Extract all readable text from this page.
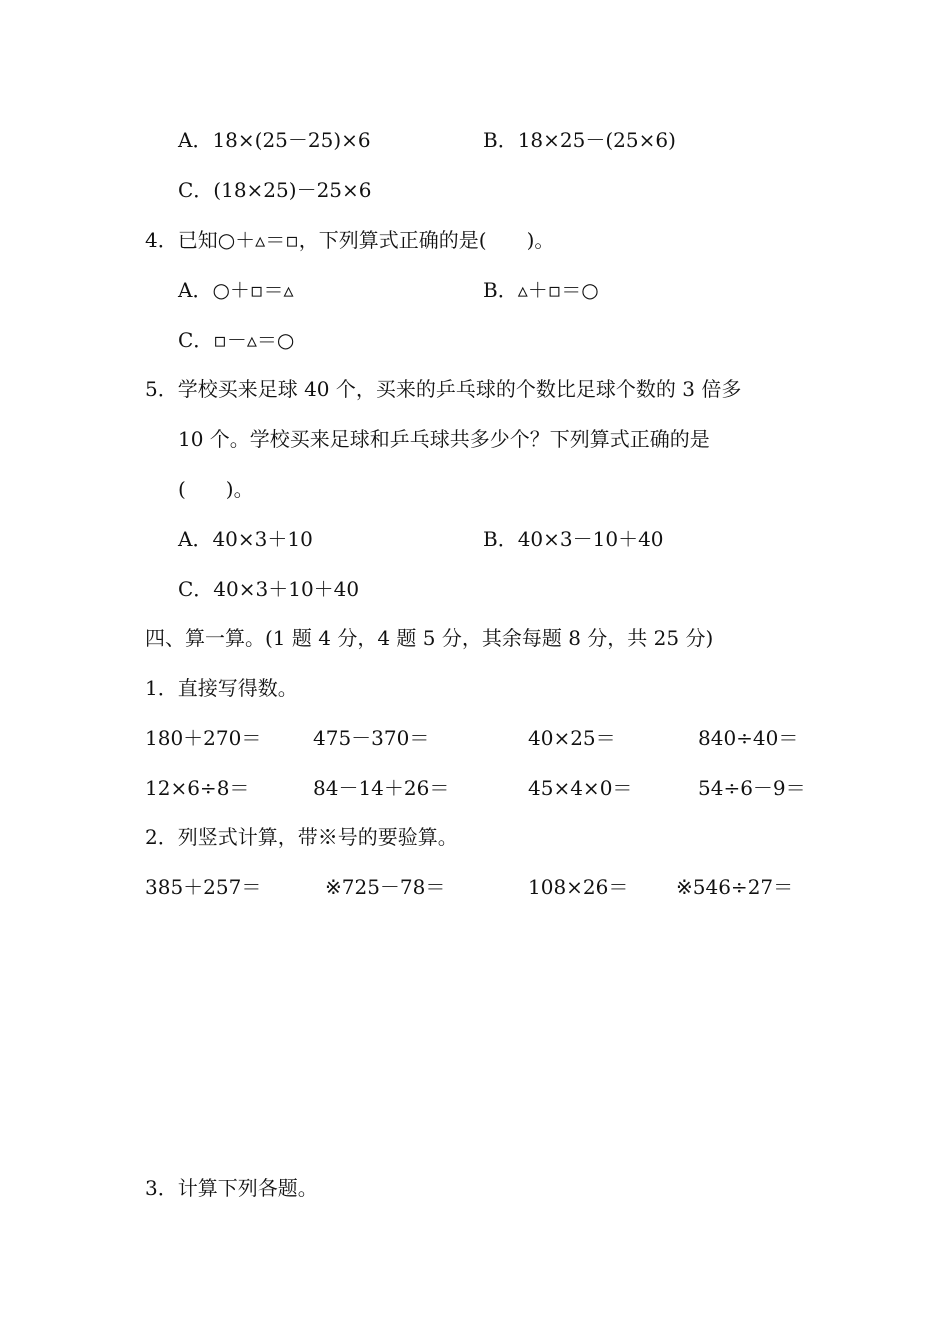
A．18×(25－25)×6	B．18×25－(25×6)
C．(18×25)－25×6
4．已知○＋▵＝▫，下列算式正确的是(　　)。
A．○＋▫＝▵	B．▵＋▫＝○
C．▫－▵＝○
5．学校买来足球 40 个，买来的乒乓球的个数比足球个数的 3 倍多
10 个。学校买来足球和乒乓球共多少个？下列算式正确的是
(　　)。
A．40×3＋10	B．40×3－10＋40
C．40×3＋10＋40
四、算一算。(1 题 4 分，4 题 5 分，其余每题 8 分，共 25 分)
1．直接写得数。
180＋270＝	475－370＝	40×25＝	840÷40＝
12×6÷8＝	84－14＋26＝	45×4×0＝	54÷6－9＝
2．列竖式计算，带※号的要验算。
385＋257＝	※725－78＝	108×26＝ ※546÷27＝
3．计算下列各题。
